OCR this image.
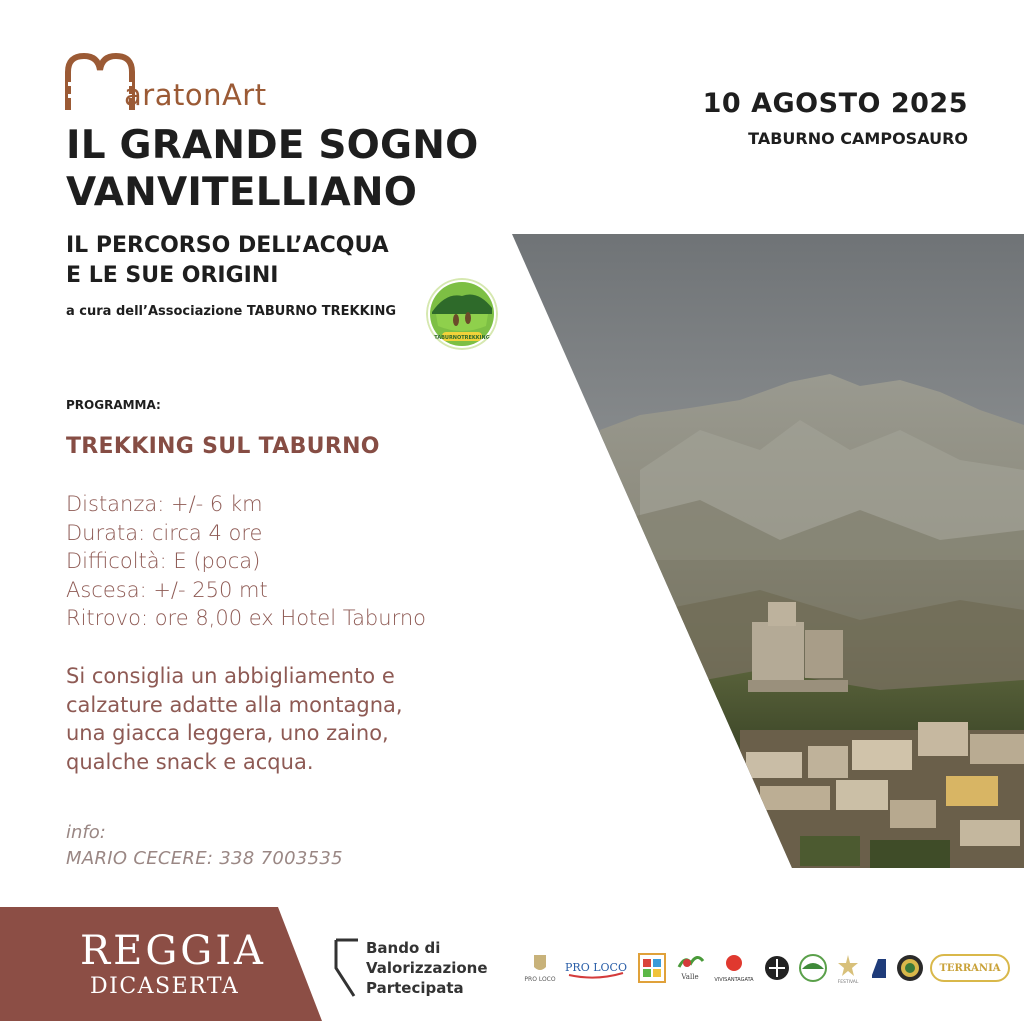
aratonArt
IL GRANDE SOGNO
VANVITELLIANO
IL PERCORSO DELL’ACQUA
E LE SUE ORIGINI
a cura dell’Associazione TABURNO TREKKING
TABURNOTREKKING
10 AGOSTO 2025
TABURNO CAMPOSAURO
PROGRAMMA:
TREKKING SUL TABURNO
Distanza: +/- 6 km
Durata: circa 4 ore
Difficoltà: E (poca)
Ascesa: +/- 250 mt
Ritrovo: ore 8,00 ex Hotel Taburno
Si consiglia un abbigliamento e
calzature adatte alla montagna,
una giacca leggera, uno zaino,
qualche snack e acqua.
info:
MARIO CECERE: 338 7003535
REGGIA
DICASERTA
Bando di
Valorizzazione
Partecipata	PRO LOCO
PRO LOCO
Valle	VIVISANTAGATA	FESTIVAL
TERRANIA
